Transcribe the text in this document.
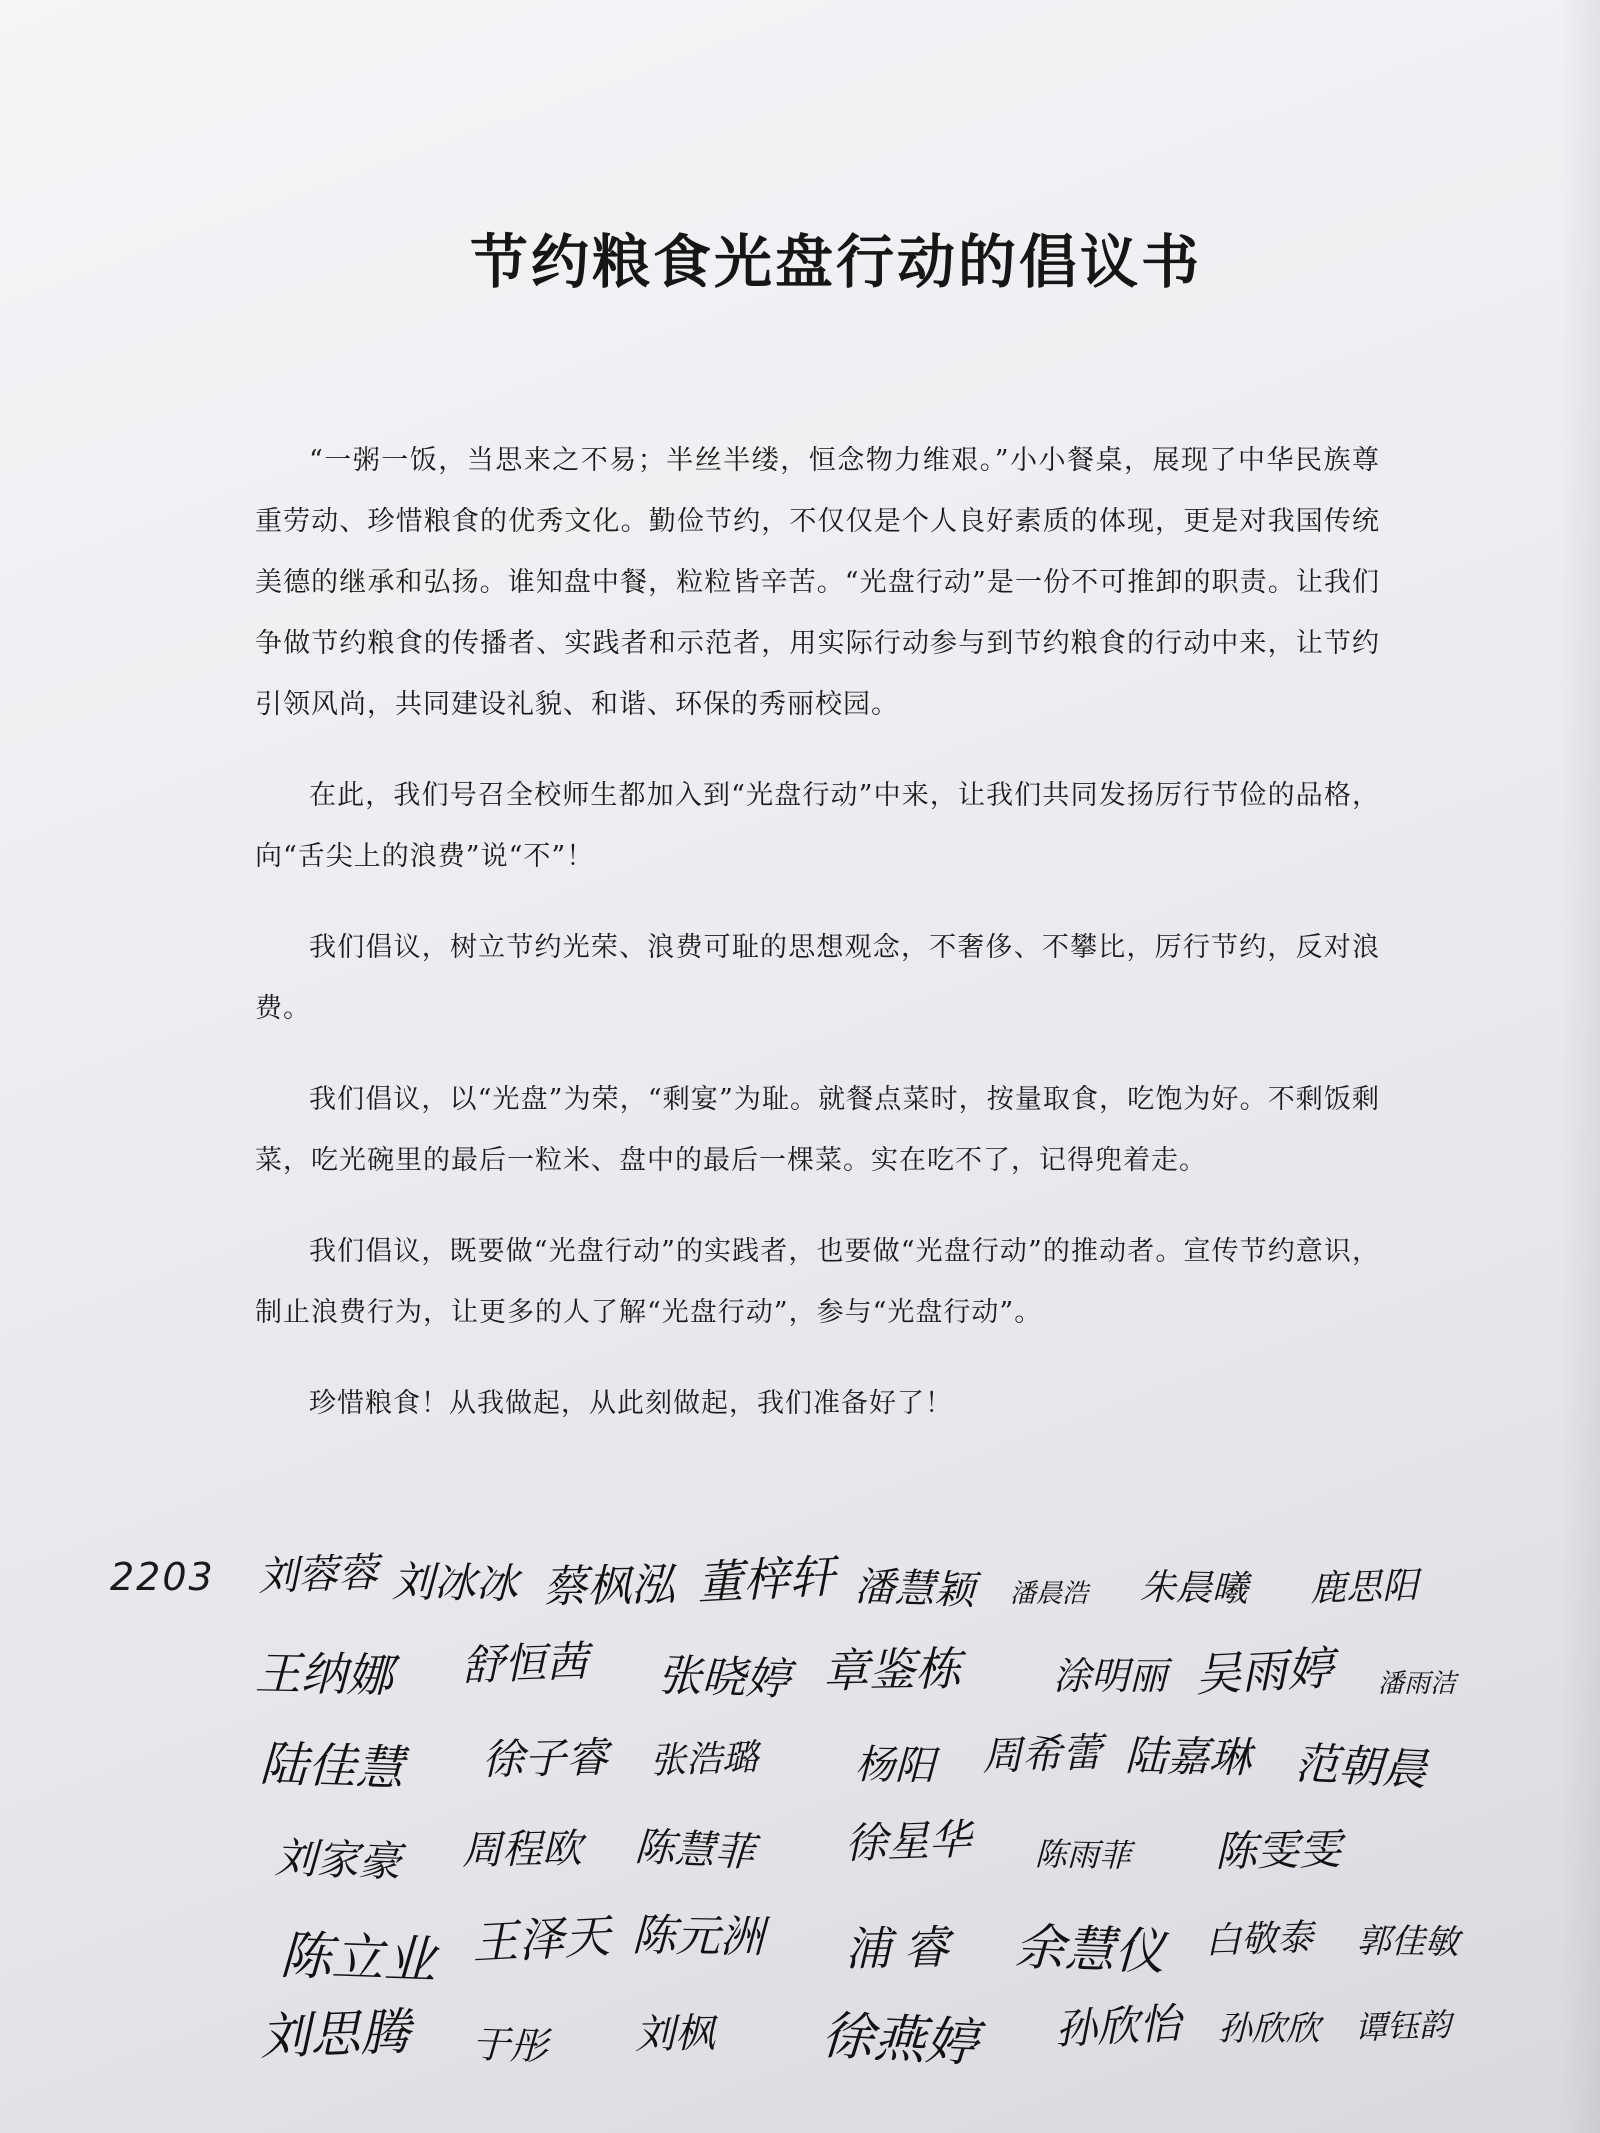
节约粮食光盘行动的倡议书

“一粥一饭，当思来之不易；半丝半缕，恒念物力维艰。”小小餐桌，展现了中华民族尊重劳动、珍惜粮食的优秀文化。勤俭节约，不仅仅是个人良好素质的体现，更是对我国传统美德的继承和弘扬。谁知盘中餐，粒粒皆辛苦。“光盘行动”是一份不可推卸的职责。让我们争做节约粮食的传播者、实践者和示范者，用实际行动参与到节约粮食的行动中来，让节约引领风尚，共同建设礼貌、和谐、环保的秀丽校园。

在此，我们号召全校师生都加入到“光盘行动”中来，让我们共同发扬厉行节俭的品格，向“舌尖上的浪费”说“不”！

我们倡议，树立节约光荣、浪费可耻的思想观念，不奢侈、不攀比，厉行节约，反对浪费。

我们倡议，以“光盘”为荣，“剩宴”为耻。就餐点菜时，按量取食，吃饱为好。不剩饭剩菜，吃光碗里的最后一粒米、盘中的最后一棵菜。实在吃不了，记得兜着走。

我们倡议，既要做“光盘行动”的实践者，也要做“光盘行动”的推动者。宣传节约意识，制止浪费行为，让更多的人了解“光盘行动”，参与“光盘行动”。

珍惜粮食！从我做起，从此刻做起，我们准备好了！

2203 刘蓉蓉 刘冰冰 蔡枫泓 董梓轩 潘慧颖 潘晨浩 朱晨曦 鹿思阳
王纳娜 舒恒茜 张晓婷 章鉴栋 涂明丽 吴雨婷 潘雨洁
陆佳慧 徐子睿 张浩璐 杨阳 周希蕾 陆嘉琳 范朝晨
刘家豪 周程欧 陈慧菲 徐星华 陈雨菲 陈雯雯
陈立业 王泽天 陈元洲 浦睿 余慧仪 白敬泰 郭佳敏
刘思腾 于彤 刘枫 徐燕婷 孙欣怡 孙欣欣 谭钰韵
